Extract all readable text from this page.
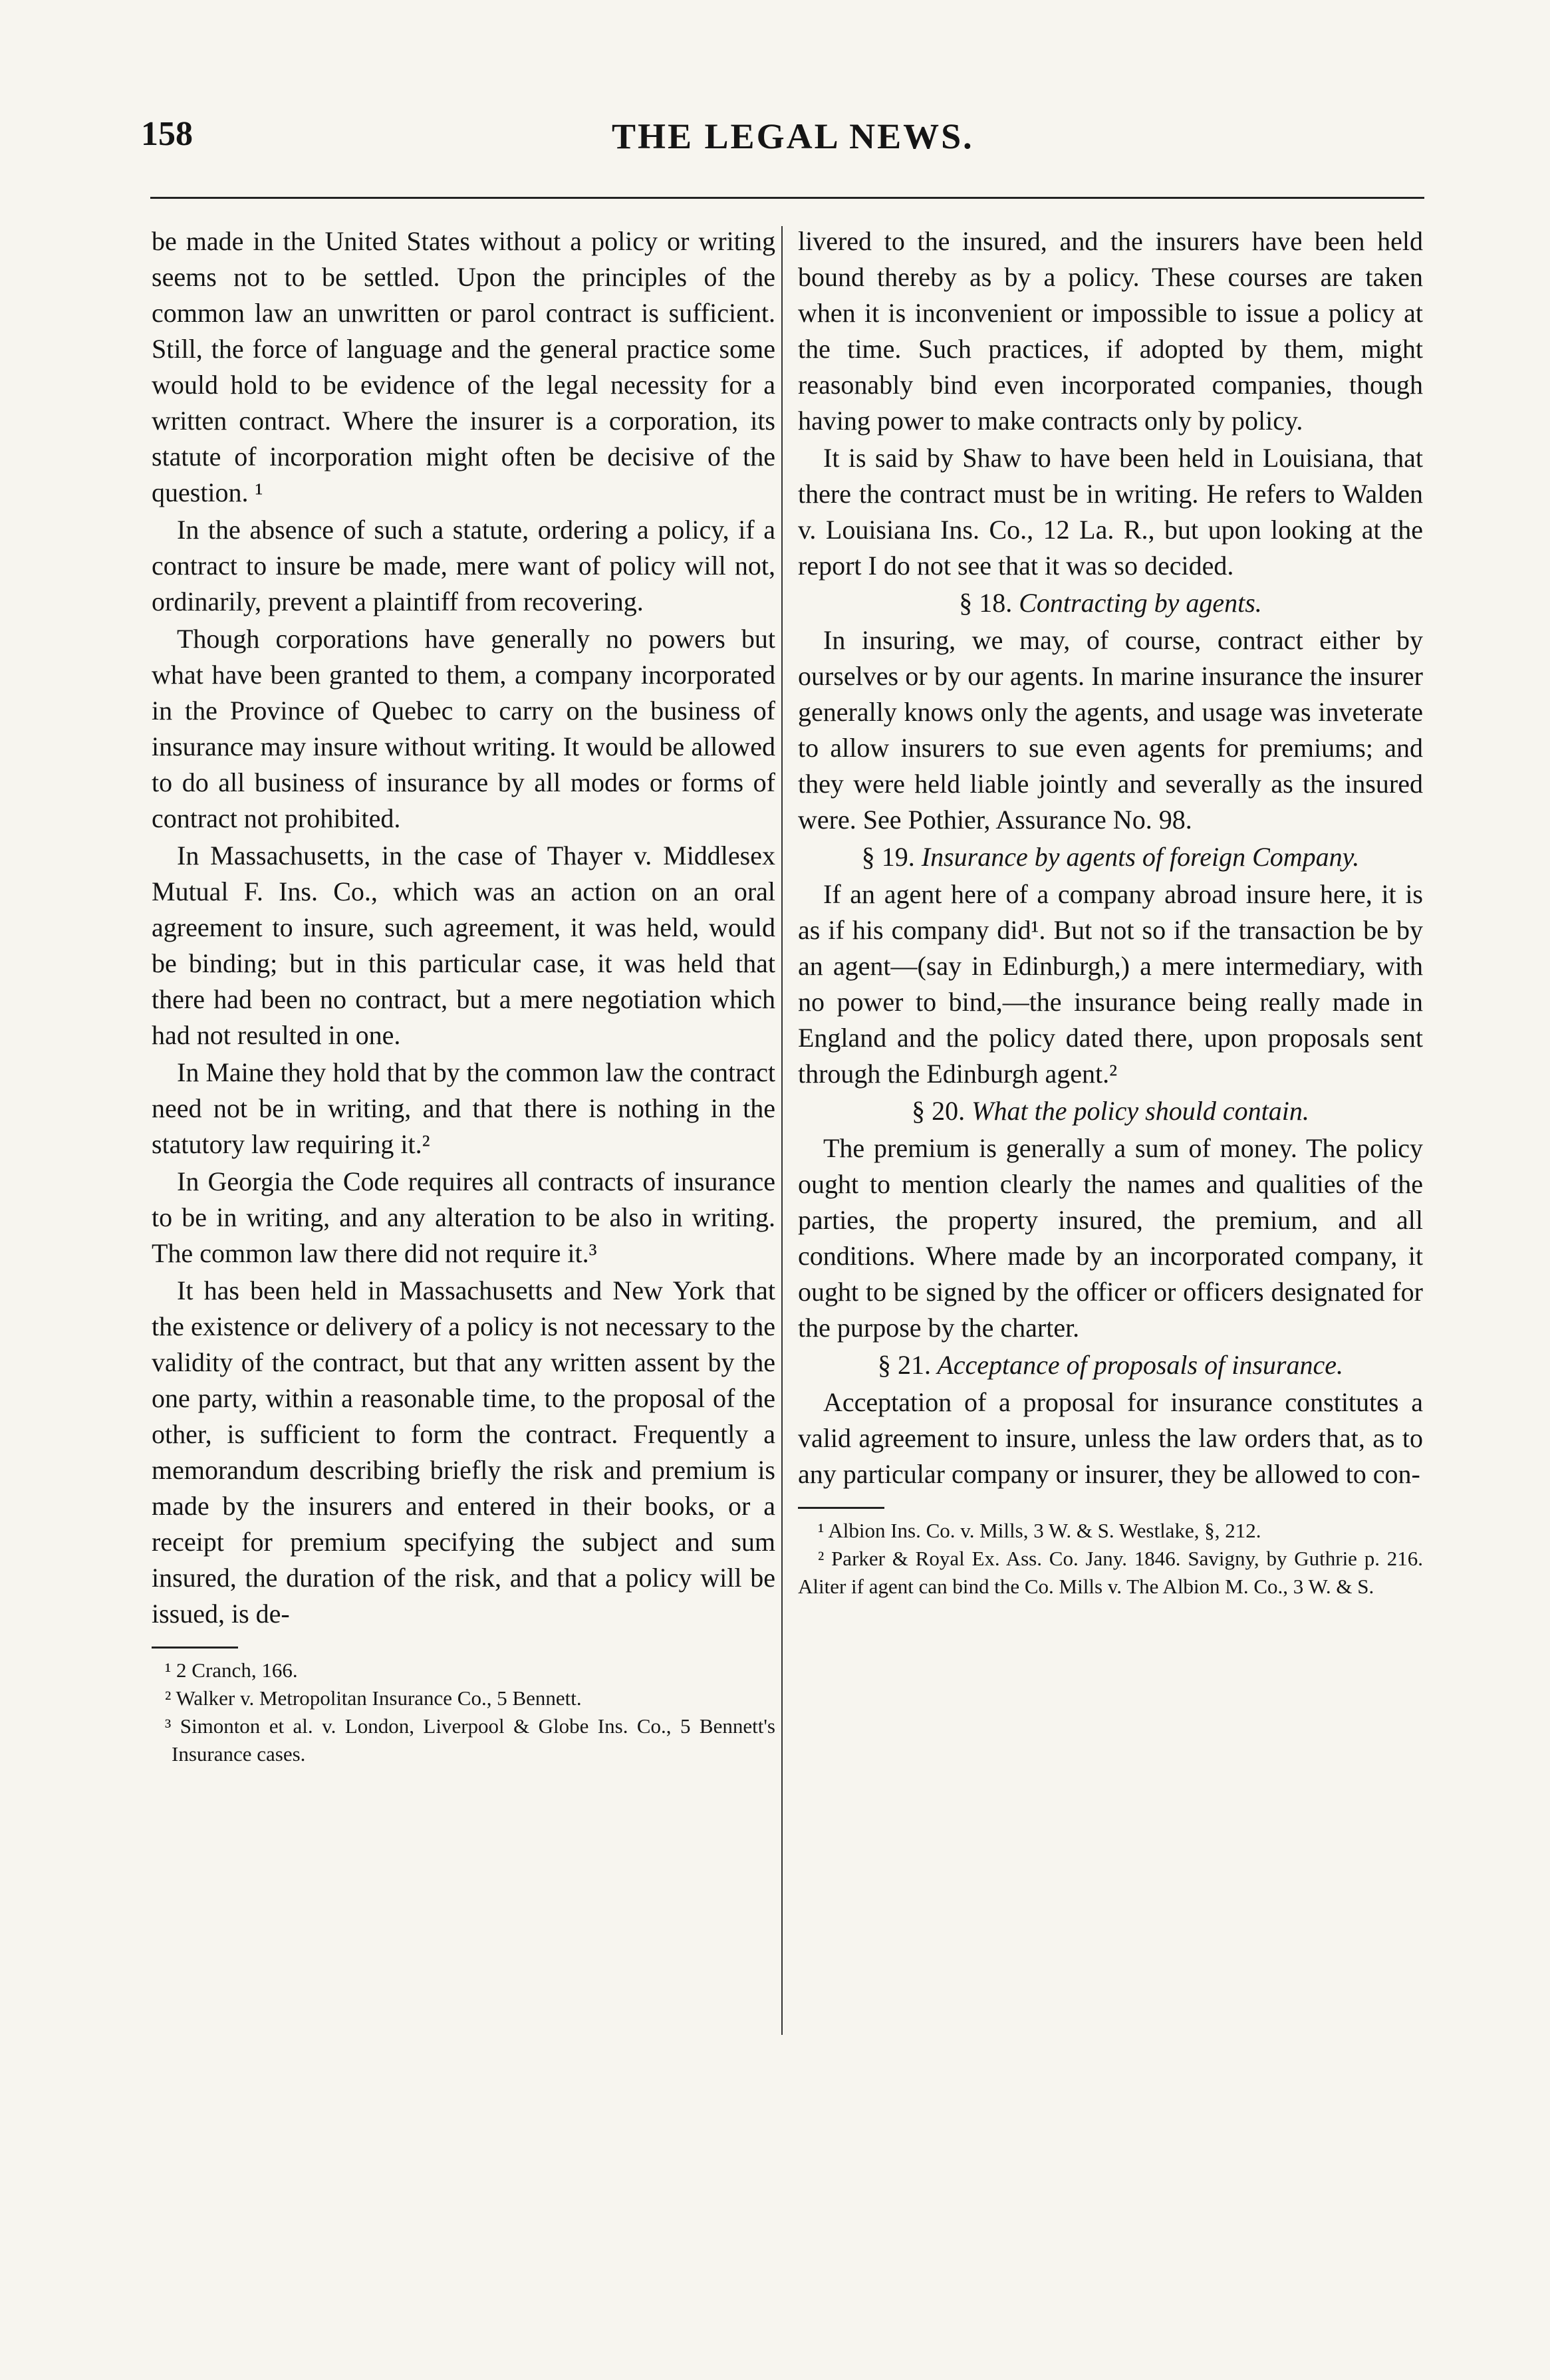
158	THE LEGAL NEWS.

be made in the United States without a policy or writing seems not to be settled. Upon the principles of the common law an unwritten or parol contract is sufficient. Still, the force of language and the general practice some would hold to be evidence of the legal necessity for a written contract. Where the insurer is a corporation, its statute of incorporation might often be decisive of the question. ¹

In the absence of such a statute, ordering a policy, if a contract to insure be made, mere want of policy will not, ordinarily, prevent a plaintiff from recovering.

Though corporations have generally no powers but what have been granted to them, a company incorporated in the Province of Quebec to carry on the business of insurance may insure without writing. It would be allowed to do all business of insurance by all modes or forms of contract not prohibited.

In Massachusetts, in the case of Thayer v. Middlesex Mutual F. Ins. Co., which was an action on an oral agreement to insure, such agreement, it was held, would be binding; but in this particular case, it was held that there had been no contract, but a mere negotiation which had not resulted in one.

In Maine they hold that by the common law the contract need not be in writing, and that there is nothing in the statutory law requiring it.²

In Georgia the Code requires all contracts of insurance to be in writing, and any alteration to be also in writing. The common law there did not require it.³

It has been held in Massachusetts and New York that the existence or delivery of a policy is not necessary to the validity of the contract, but that any written assent by the one party, within a reasonable time, to the proposal of the other, is sufficient to form the contract. Frequently a memorandum describing briefly the risk and premium is made by the insurers and entered in their books, or a receipt for premium specifying the subject and sum insured, the duration of the risk, and that a policy will be issued, is de-

¹ 2 Cranch, 166.
² Walker v. Metropolitan Insurance Co., 5 Bennett.
³ Simonton et al. v. London, Liverpool & Globe Ins. Co., 5 Bennett's Insurance cases.

livered to the insured, and the insurers have been held bound thereby as by a policy. These courses are taken when it is inconvenient or impossible to issue a policy at the time. Such practices, if adopted by them, might reasonably bind even incorporated companies, though having power to make contracts only by policy.

It is said by Shaw to have been held in Louisiana, that there the contract must be in writing. He refers to Walden v. Louisiana Ins. Co., 12 La. R., but upon looking at the report I do not see that it was so decided.

§ 18. Contracting by agents.

In insuring, we may, of course, contract either by ourselves or by our agents. In marine insurance the insurer generally knows only the agents, and usage was inveterate to allow insurers to sue even agents for premiums; and they were held liable jointly and severally as the insured were. See Pothier, Assurance No. 98.

§ 19. Insurance by agents of foreign Company.

If an agent here of a company abroad insure here, it is as if his company did¹. But not so if the transaction be by an agent—(say in Edinburgh,) a mere intermediary, with no power to bind,—the insurance being really made in England and the policy dated there, upon proposals sent through the Edinburgh agent.²

§ 20. What the policy should contain.

The premium is generally a sum of money. The policy ought to mention clearly the names and qualities of the parties, the property insured, the premium, and all conditions. Where made by an incorporated company, it ought to be signed by the officer or officers designated for the purpose by the charter.

§ 21. Acceptance of proposals of insurance.

Acceptation of a proposal for insurance constitutes a valid agreement to insure, unless the law orders that, as to any particular company or insurer, they be allowed to con-

¹ Albion Ins. Co. v. Mills, 3 W. & S. Westlake, §, 212.
² Parker & Royal Ex. Ass. Co. Jany. 1846. Savigny, by Guthrie p. 216. Aliter if agent can bind the Co. Mills v. The Albion M. Co., 3 W. & S.
